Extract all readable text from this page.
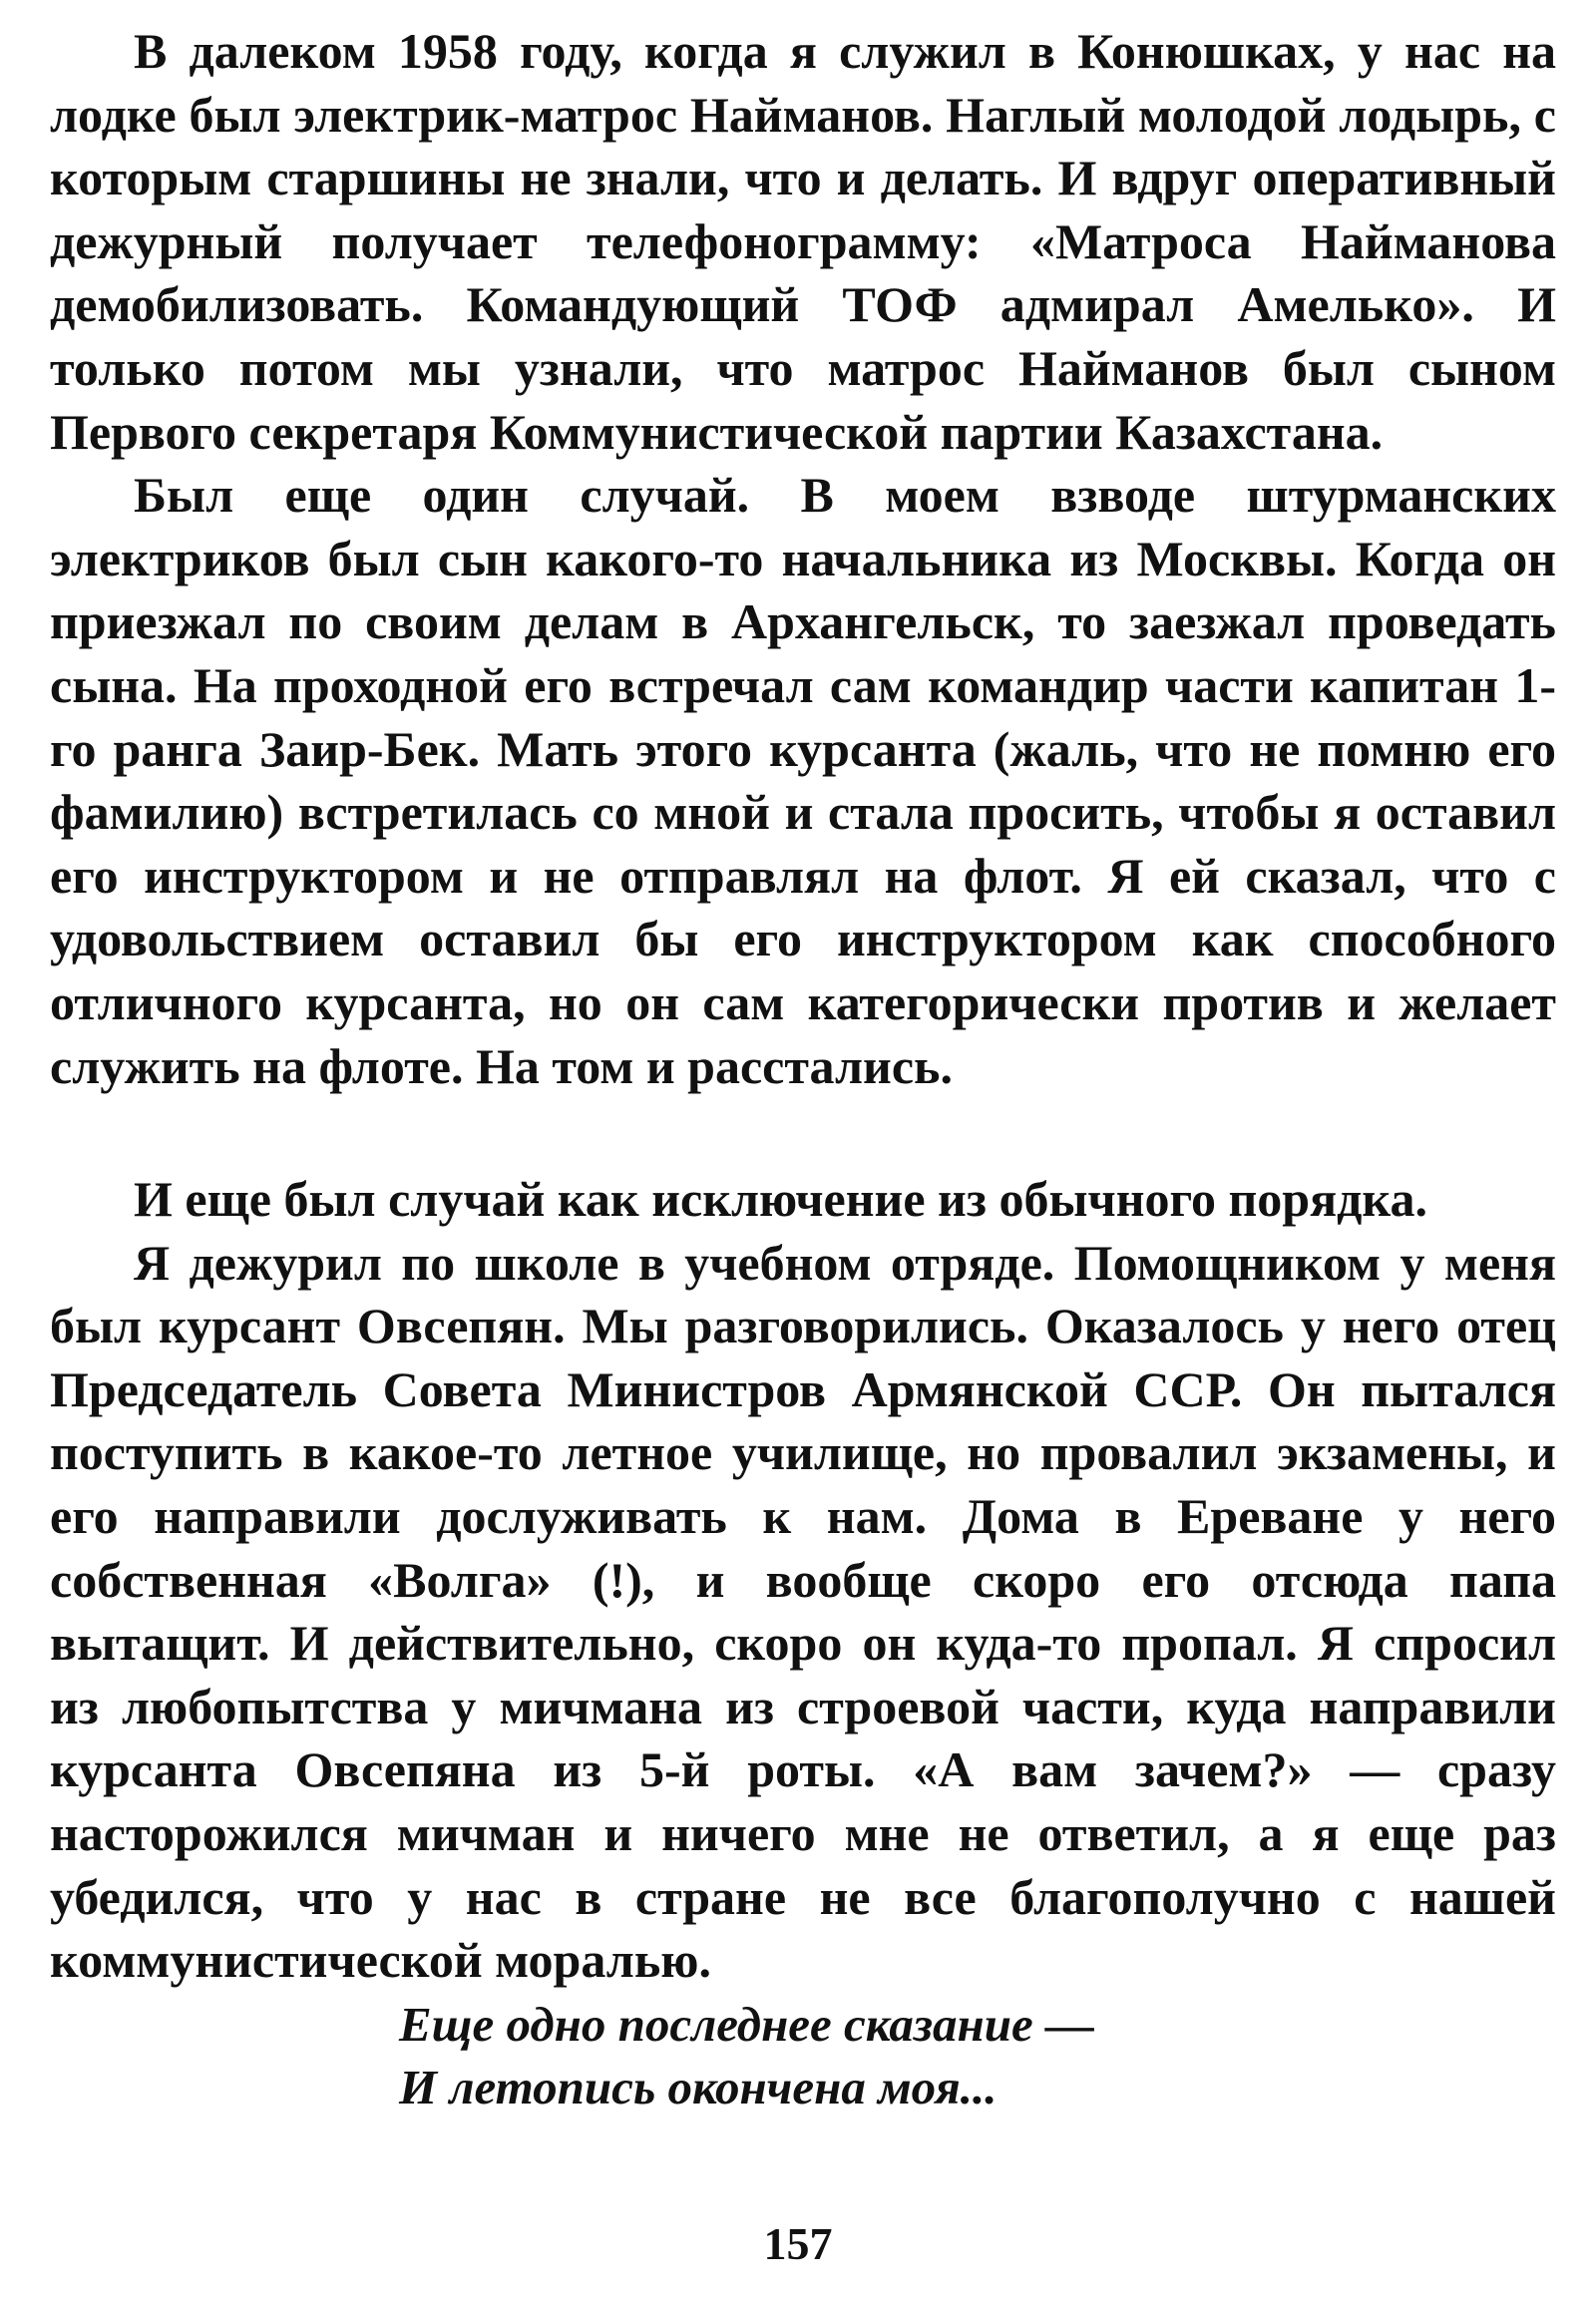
В далеком 1958 году, когда я служил в Конюшках, у нас на лодке был электрик-матрос Найманов. Наглый молодой лодырь, с которым старшины не знали, что и делать. И вдруг оперативный дежурный получает телефонограмму: «Матроса Найманова демобилизовать. Командующий ТОФ адмирал Амелько». И только потом мы узнали, что матрос Найманов был сыном Первого секретаря Коммунистической партии Казахстана.

Был еще один случай. В моем взводе штурманских электриков был сын какого-то начальника из Москвы. Когда он приезжал по своим делам в Архангельск, то заезжал проведать сына. На проходной его встречал сам командир части капитан 1-го ранга Заир-Бек. Мать этого курсанта (жаль, что не помню его фамилию) встретилась со мной и стала просить, чтобы я оставил его инструктором и не отправлял на флот. Я ей сказал, что с удовольствием оставил бы его инструктором как способного отличного курсанта, но он сам категорически против и желает служить на флоте. На том и расстались.

И еще был случай как исключение из обычного порядка.

Я дежурил по школе в учебном отряде. Помощником у меня был курсант Овсепян. Мы разговорились. Оказалось у него отец Председатель Совета Министров Армянской ССР. Он пытался поступить в какое-то летное училище, но провалил экзамены, и его направили дослуживать к нам. Дома в Ереване у него собственная «Волга» (!), и вообще скоро его отсюда папа вытащит. И действительно, скоро он куда-то пропал. Я спросил из любопытства у мичмана из строевой части, куда направили курсанта Овсепяна из 5-й роты. «А вам зачем?» — сразу насторожился мичман и ничего мне не ответил, а я еще раз убедился, что у нас в стране не все благополучно с нашей коммунистической моралью.

Еще одно последнее сказание —
И летопись окончена моя...
157
